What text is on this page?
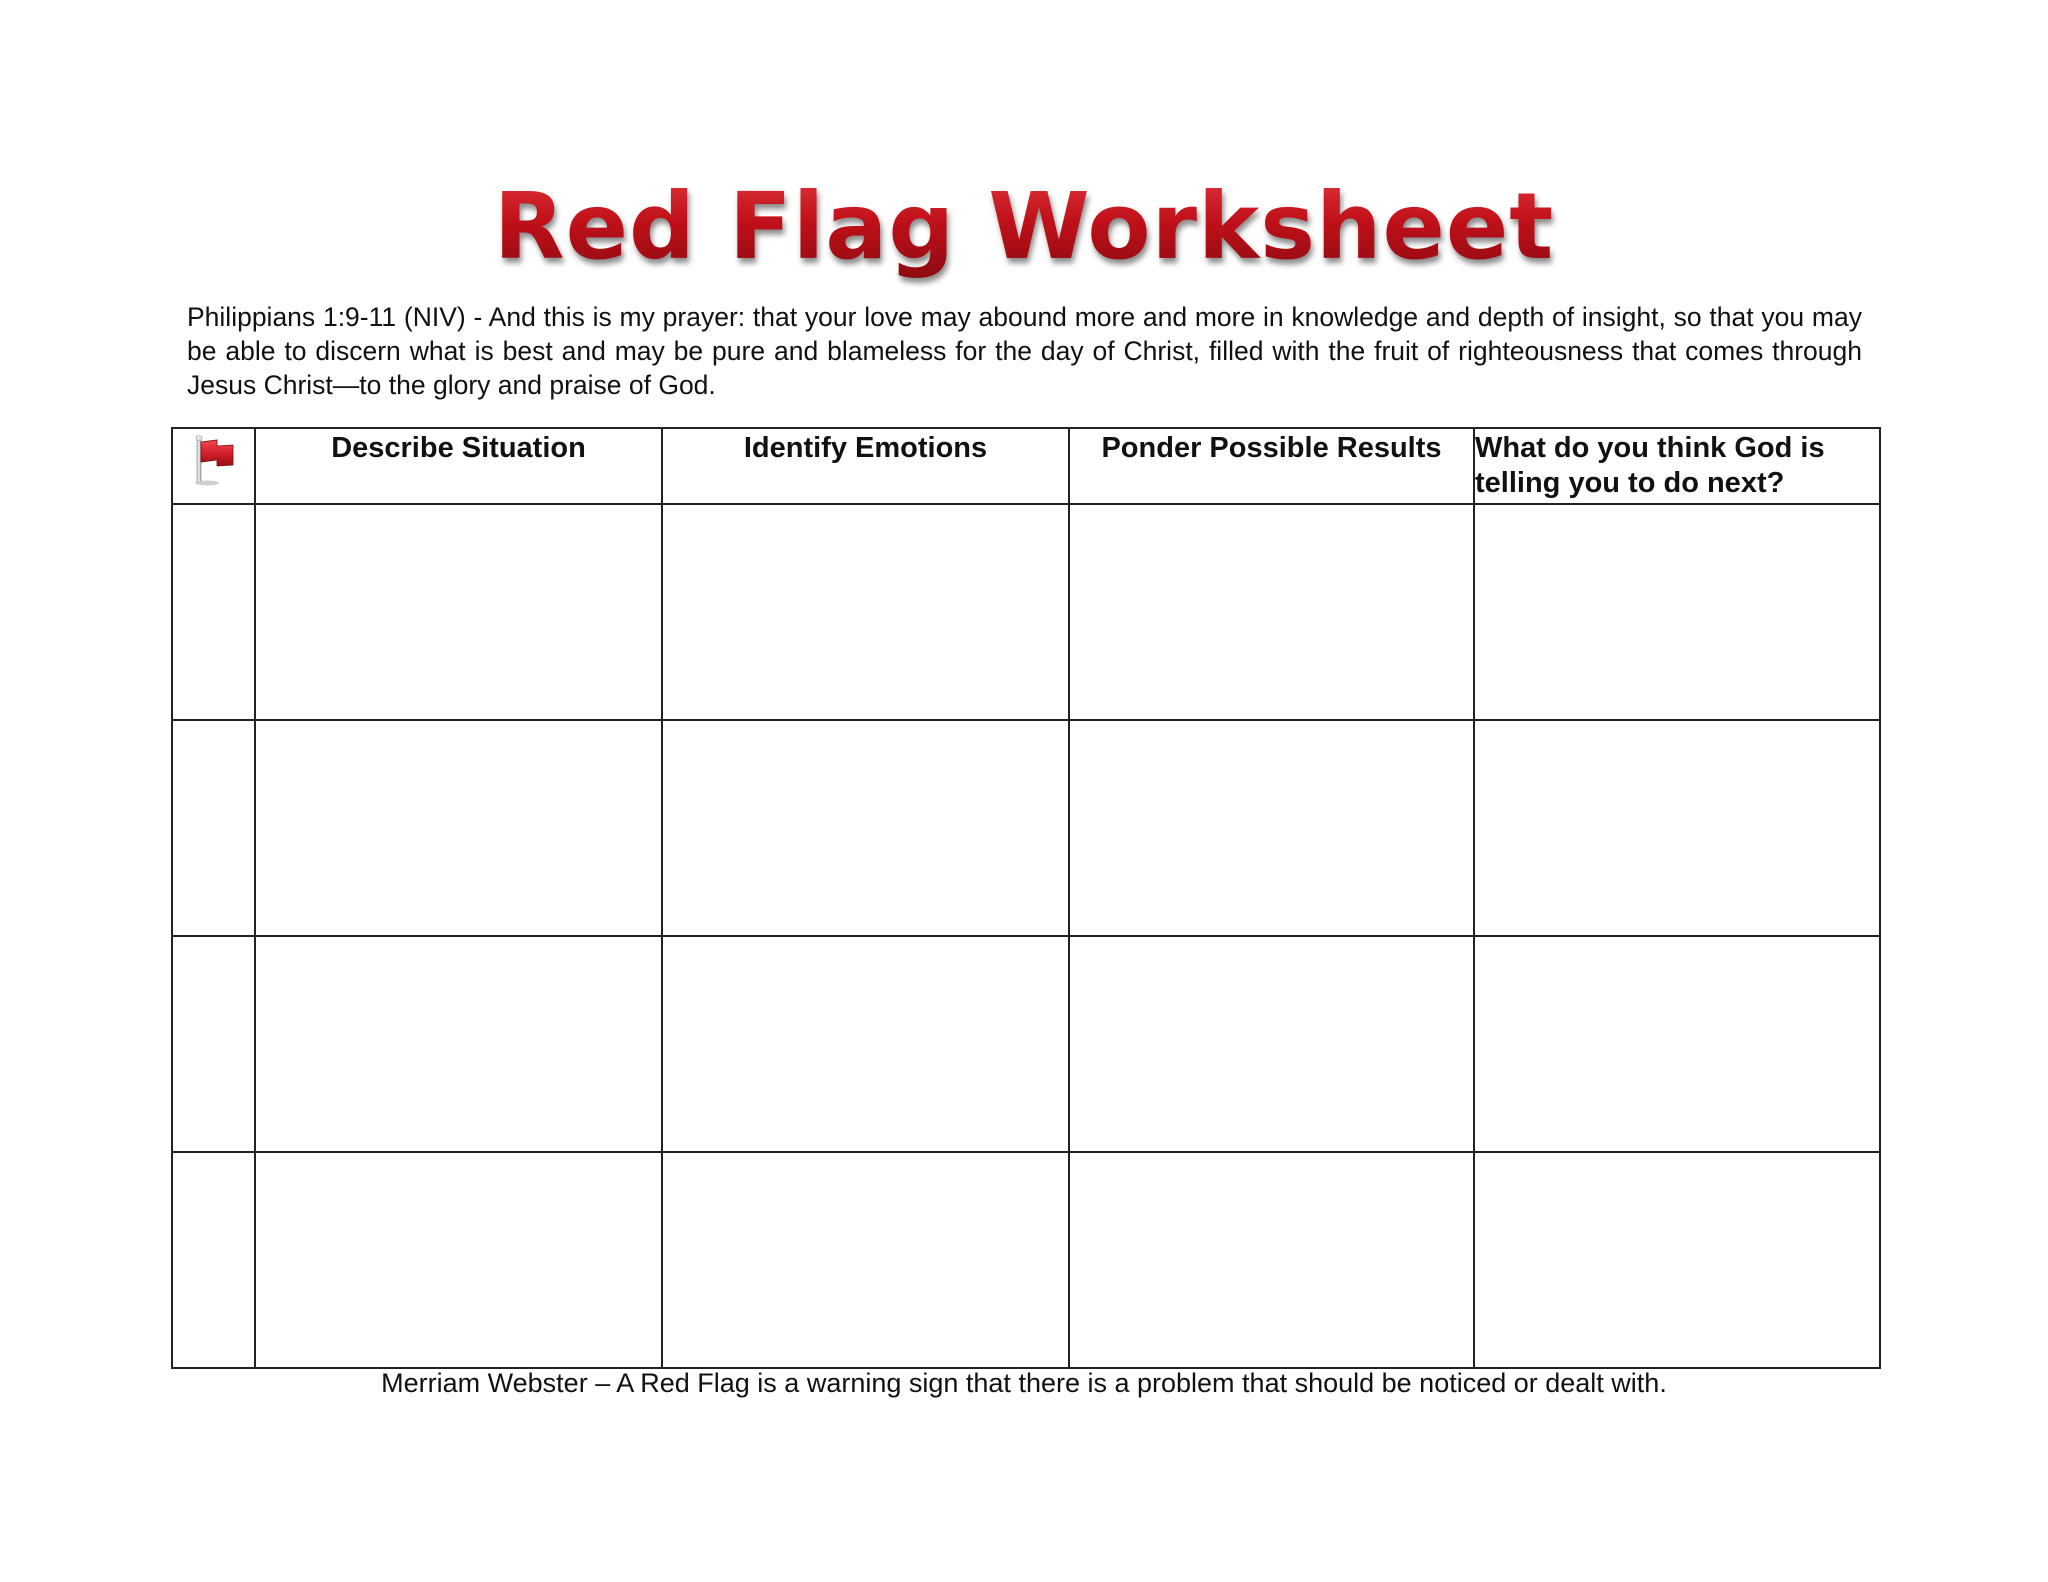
Red Flag Worksheet
Philippians 1:9-11 (NIV) - And this is my prayer: that your love may abound more and more in knowledge and depth of insight, so that you may be able to discern what is best and may be pure and blameless for the day of Christ, filled with the fruit of righteousness that comes through Jesus Christ—to the glory and praise of God.
	Describe Situation	Identify Emotions	Ponder Possible Results	What do you think God is telling you to do next?

Merriam Webster – A Red Flag is a warning sign that there is a problem that should be noticed or dealt with.
